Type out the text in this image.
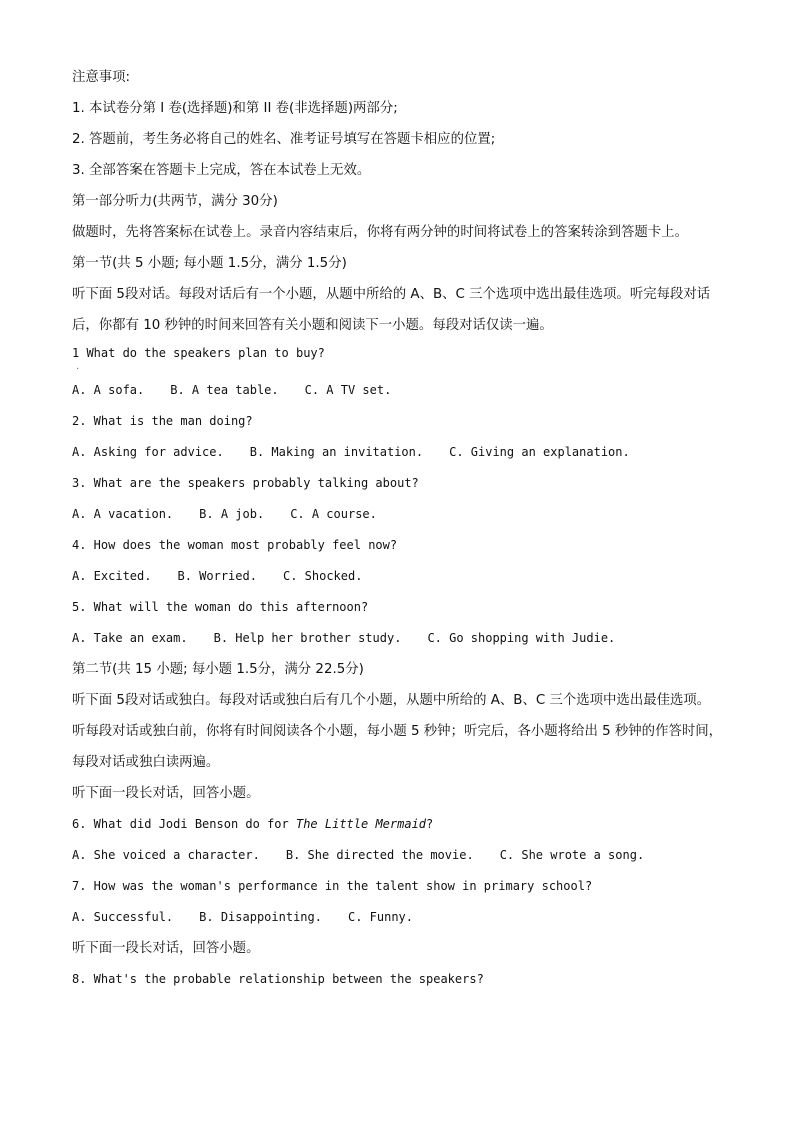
注意事项:

1. 本试卷分第 I 卷(选择题)和第 II 卷(非选择题)两部分;

2. 答题前，考生务必将自己的姓名、准考证号填写在答题卡相应的位置;

3. 全部答案在答题卡上完成，答在本试卷上无效。

第一部分听力(共两节，满分 30分)

做题时，先将答案标在试卷上。录音内容结束后，你将有两分钟的时间将试卷上的答案转涂到答题卡上。

第一节(共 5 小题; 每小题 1.5分，满分 1.5分)

听下面 5段对话。每段对话后有一个小题，从题中所给的 A、B、C 三个选项中选出最佳选项。听完每段对话

后，你都有 10 秒钟的时间来回答有关小题和阅读下一小题。每段对话仅读一遍。

1 What do the speakers plan to buy?

·

A. A sofa. B. A tea table. C. A TV set.

2. What is the man doing?

A. Asking for advice. B. Making an invitation. C. Giving an explanation.

3. What are the speakers probably talking about?

A. A vacation. B. A job. C. A course.

4. How does the woman most probably feel now?

A. Excited. B. Worried. C. Shocked.

5. What will the woman do this afternoon?

A. Take an exam. B. Help her brother study. C. Go shopping with Judie.

第二节(共 15 小题; 每小题 1.5分，满分 22.5分)

听下面 5段对话或独白。每段对话或独白后有几个小题，从题中所给的 A、B、C 三个选项中选出最佳选项。

听每段对话或独白前，你将有时间阅读各个小题，每小题 5 秒钟；听完后，各小题将给出 5 秒钟的作答时间，

每段对话或独白读两遍。

听下面一段长对话，回答小题。

6. What did Jodi Benson do for The Little Mermaid?

A. She voiced a character. B. She directed the movie. C. She wrote a song.

7. How was the woman's performance in the talent show in primary school?

A. Successful. B. Disappointing. C. Funny.

听下面一段长对话，回答小题。

8. What's the probable relationship between the speakers?
